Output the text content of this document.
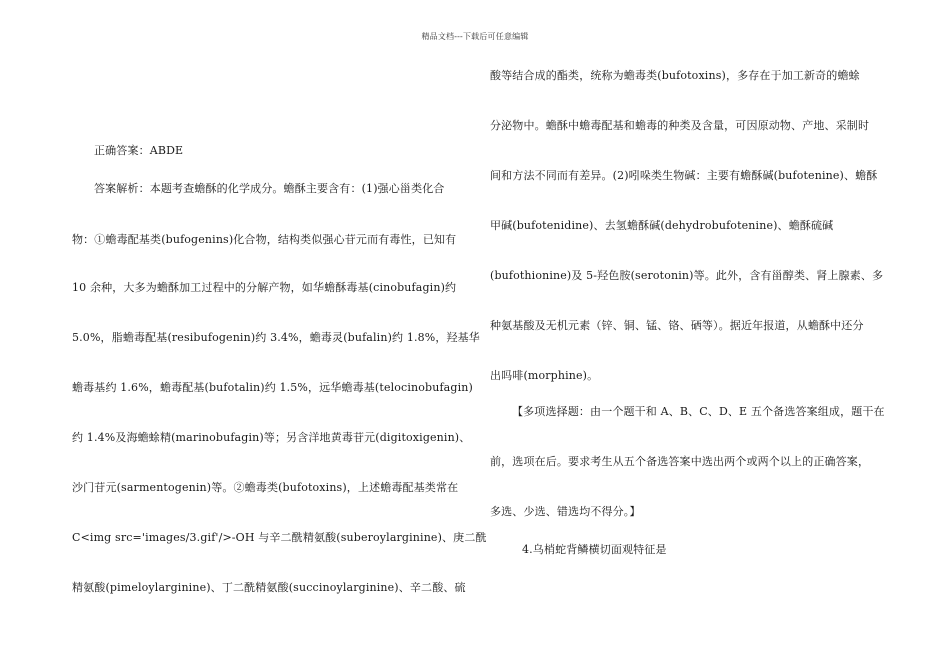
精品文档---下载后可任意编辑
正确答案：ABDE
答案解析：本题考查蟾酥的化学成分。蟾酥主要含有：(1)强心甾类化合
物：①蟾毒配基类(bufogenins)化合物，结构类似强心苷元而有毒性，已知有
10 余种，大多为蟾酥加工过程中的分解产物，如华蟾酥毒基(cinobufagin)约
5.0%，脂蟾毒配基(resibufogenin)约 3.4%，蟾毒灵(bufalin)约 1.8%，羟基华
蟾毒基约 1.6%，蟾毒配基(bufotalin)约 1.5%，远华蟾毒基(telocinobufagin)
约 1.4%及海蟾蜍精(marinobufagin)等；另含洋地黄毒苷元(digitoxigenin)、
沙门苷元(sarmentogenin)等。②蟾毒类(bufotoxins)，上述蟾毒配基类常在
C<img src='images/3.gif'/>-OH 与辛二酰精氨酸(suberoylarginine)、庚二酰
精氨酸(pimeloylarginine)、丁二酰精氨酸(succinoylarginine)、辛二酸、硫
酸等结合成的酯类，统称为蟾毒类(bufotoxins)，多存在于加工新奇的蟾蜍
分泌物中。蟾酥中蟾毒配基和蟾毒的种类及含量，可因原动物、产地、采制时
间和方法不同而有差异。(2)吲哚类生物碱：主要有蟾酥碱(bufotenine)、蟾酥
甲碱(bufotenidine)、去氢蟾酥碱(dehydrobufotenine)、蟾酥硫碱
(bufothionine)及 5-羟色胺(serotonin)等。此外，含有甾醇类、肾上腺素、多
种氨基酸及无机元素（锌、铜、锰、铬、硒等）。据近年报道，从蟾酥中还分
出吗啡(morphine)。
【多项选择题：由一个题干和 A、B、C、D、E 五个备选答案组成，题干在
前，选项在后。要求考生从五个备选答案中选出两个或两个以上的正确答案，
多选、少选、错选均不得分。】
4.乌梢蛇背鳞横切面观特征是
